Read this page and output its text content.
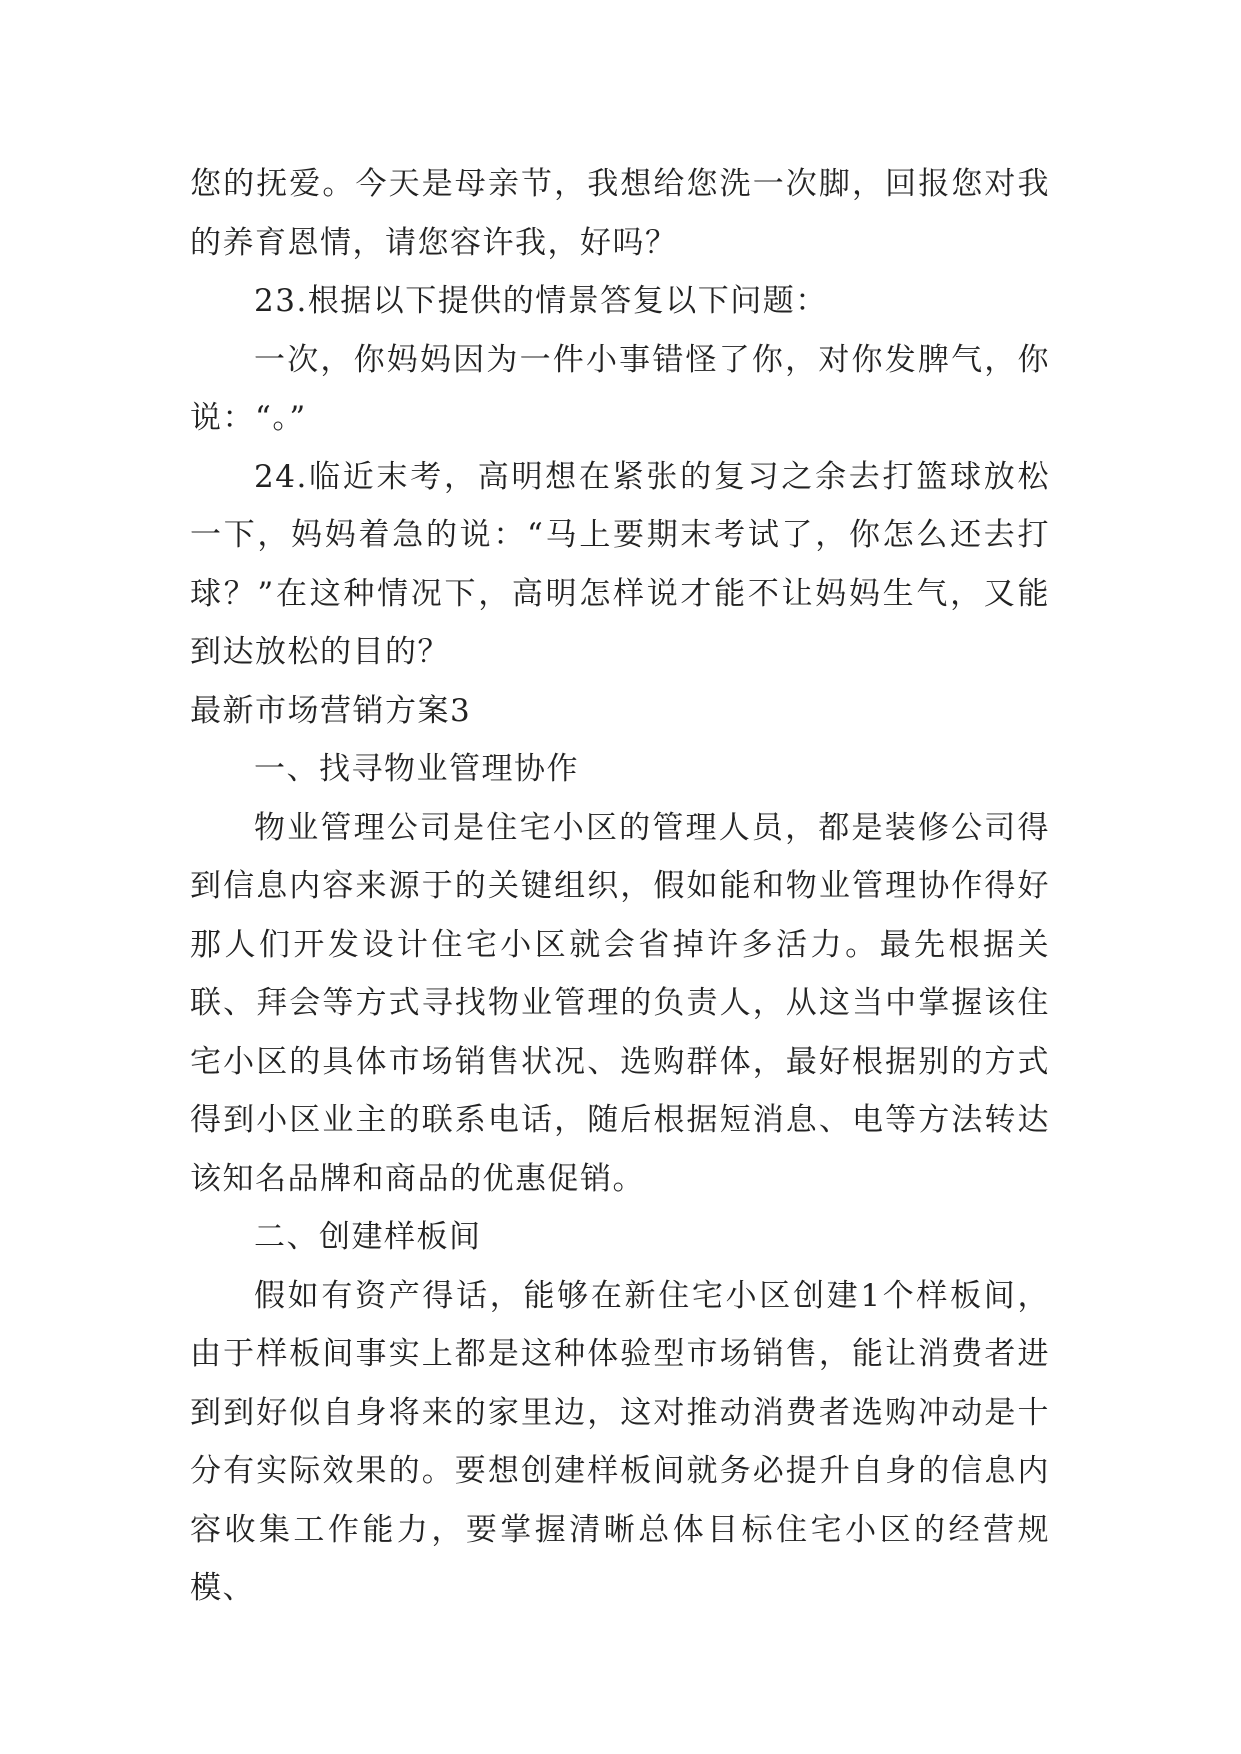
您的抚爱。今天是母亲节，我想给您洗一次脚，回报您对我的养育恩情，请您容许我，好吗？

23.根据以下提供的情景答复以下问题：

一次，你妈妈因为一件小事错怪了你，对你发脾气，你说：“。”

24.临近末考，高明想在紧张的复习之余去打篮球放松一下，妈妈着急的说：“马上要期末考试了，你怎么还去打球？”在这种情况下，高明怎样说才能不让妈妈生气，又能到达放松的目的？

最新市场营销方案3

一、找寻物业管理协作

物业管理公司是住宅小区的管理人员，都是装修公司得到信息内容来源于的关键组织，假如能和物业管理协作得好那人们开发设计住宅小区就会省掉许多活力。最先根据关联、拜会等方式寻找物业管理的负责人，从这当中掌握该住宅小区的具体市场销售状况、选购群体，最好根据别的方式得到小区业主的联系电话，随后根据短消息、电等方法转达该知名品牌和商品的优惠促销。

二、创建样板间

假如有资产得话，能够在新住宅小区创建1个样板间，由于样板间事实上都是这种体验型市场销售，能让消费者进到到好似自身将来的家里边，这对推动消费者选购冲动是十分有实际效果的。要想创建样板间就务必提升自身的信息内容收集工作能力，要掌握清晰总体目标住宅小区的经营规模、
